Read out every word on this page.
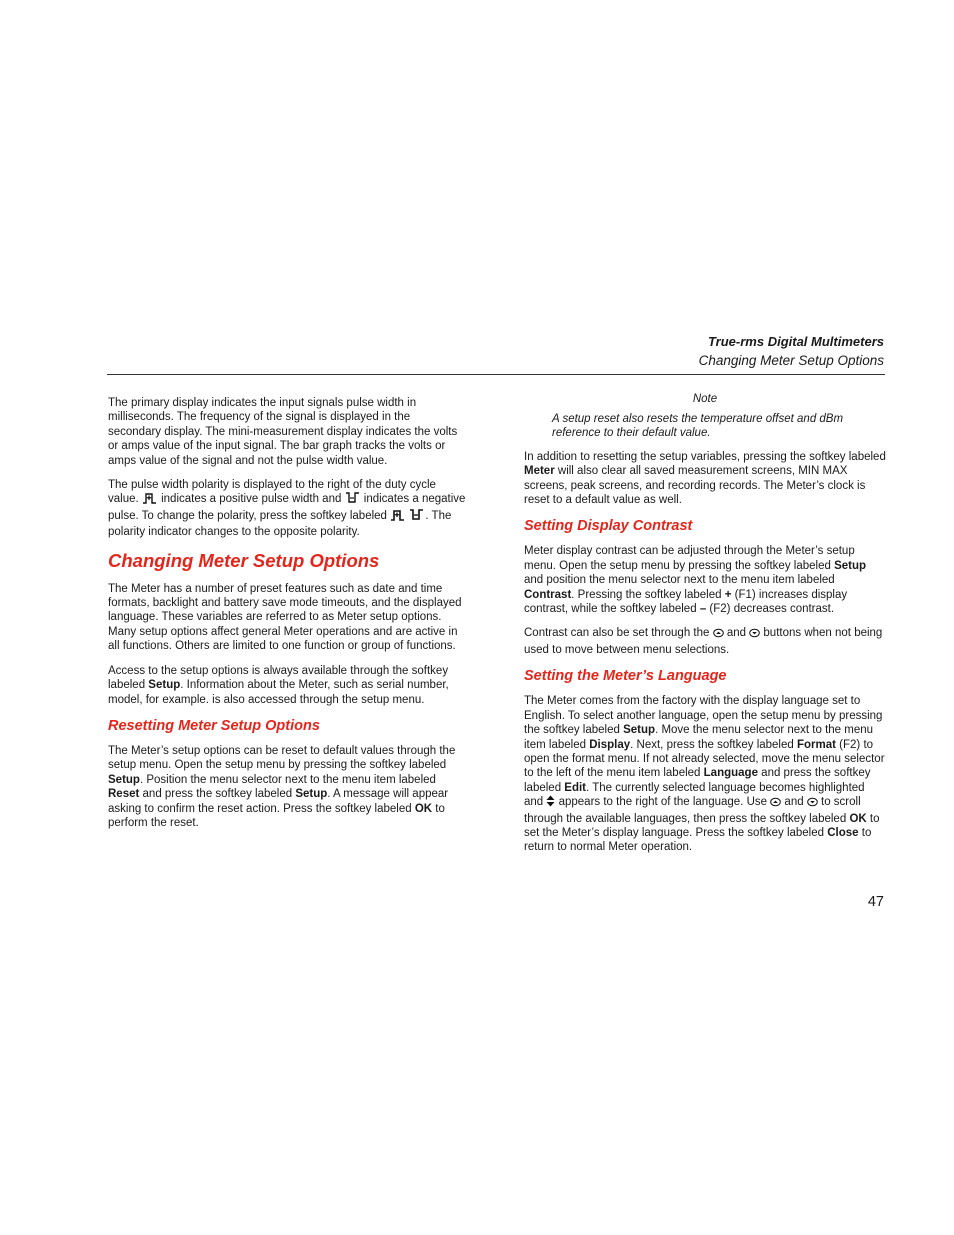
True-rms Digital Multimeters
Changing Meter Setup Options

The primary display indicates the input signals pulse width in milliseconds. The frequency of the signal is displayed in the secondary display. The mini-measurement display indicates the volts or amps value of the input signal. The bar graph tracks the volts or amps value of the signal and not the pulse width value.

The pulse width polarity is displayed to the right of the duty cycle value. indicates a positive pulse width and indicates a negative pulse. To change the polarity, press the softkey labeled	. The polarity indicator changes to the opposite polarity.

Changing Meter Setup Options

The Meter has a number of preset features such as date and time formats, backlight and battery save mode timeouts, and the displayed language. These variables are referred to as Meter setup options. Many setup options affect general Meter operations and are active in all functions. Others are limited to one function or group of functions.

Access to the setup options is always available through the softkey labeled Setup. Information about the Meter, such as serial number, model, for example. is also accessed through the setup menu.

Resetting Meter Setup Options

The Meter’s setup options can be reset to default values through the setup menu. Open the setup menu by pressing the softkey labeled Setup. Position the menu selector next to the menu item labeled Reset and press the softkey labeled Setup. A message will appear asking to confirm the reset action. Press the softkey labeled OK to perform the reset.

Note
A setup reset also resets the temperature offset and dBm reference to their default value.

In addition to resetting the setup variables, pressing the softkey labeled Meter will also clear all saved measurement screens, MIN MAX screens, peak screens, and recording records. The Meter’s clock is reset to a default value as well.

Setting Display Contrast

Meter display contrast can be adjusted through the Meter’s setup menu. Open the setup menu by pressing the softkey labeled Setup and position the menu selector next to the menu item labeled Contrast. Pressing the softkey labeled + (F1) increases display contrast, while the softkey labeled – (F2) decreases contrast.

Contrast can also be set through the and buttons when not being used to move between menu selections.

Setting the Meter’s Language

The Meter comes from the factory with the display language set to English. To select another language, open the setup menu by pressing the softkey labeled Setup. Move the menu selector next to the menu item labeled Display. Next, press the softkey labeled Format (F2) to open the format menu. If not already selected, move the menu selector to the left of the menu item labeled Language and press the softkey labeled Edit. The currently selected language becomes highlighted and appears to the right of the language. Use and to scroll through the available languages, then press the softkey labeled OK to set the Meter’s display language. Press the softkey labeled Close to return to normal Meter operation.

47
